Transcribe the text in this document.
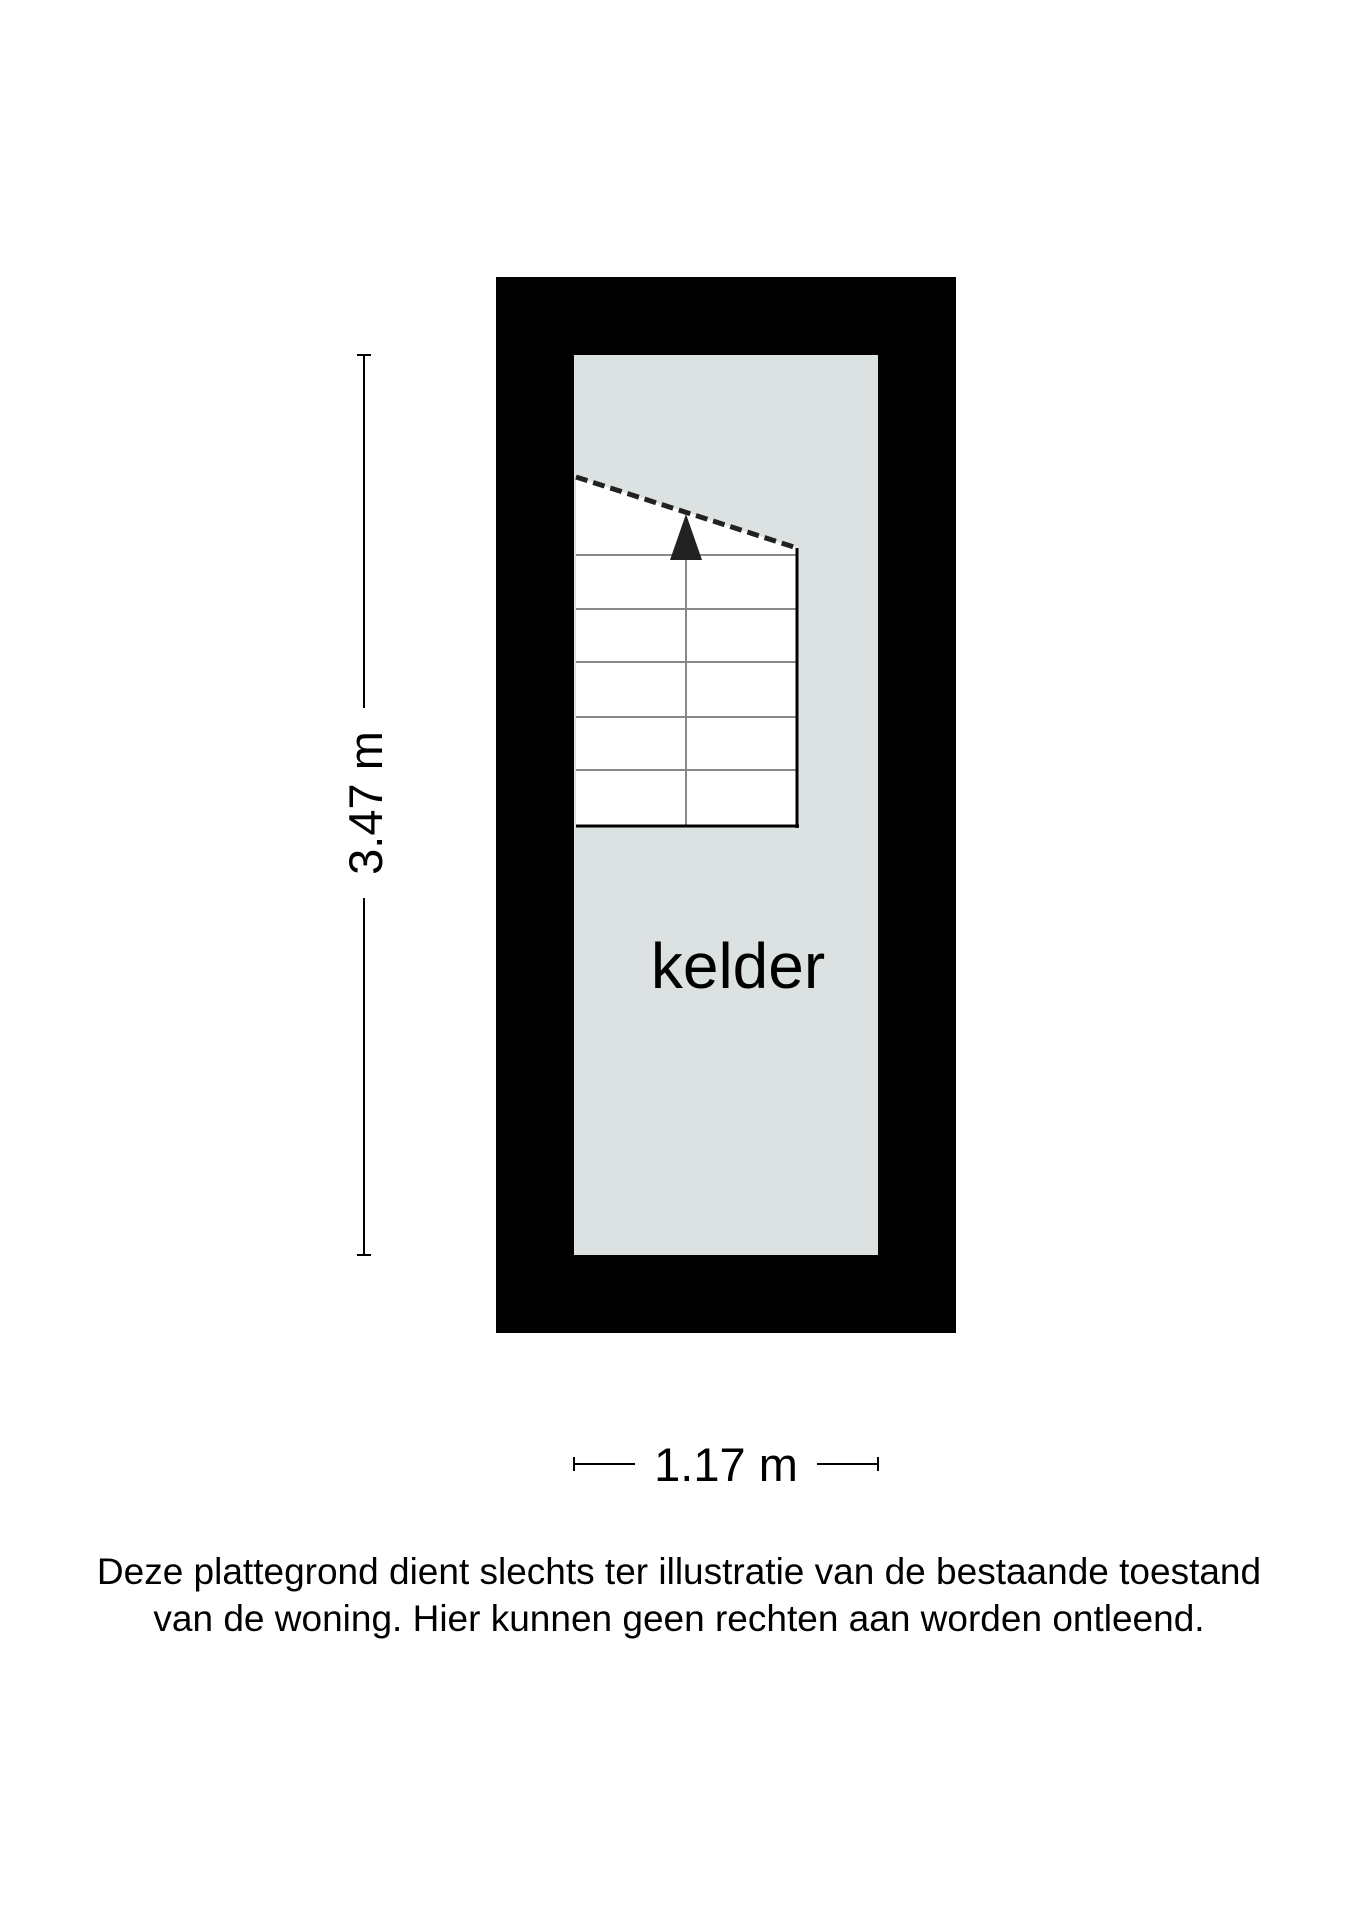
kelder
3.47 m
1.17 m
Deze plattegrond dient slechts ter illustratie van de bestaande toestand
van de woning. Hier kunnen geen rechten aan worden ontleend.
